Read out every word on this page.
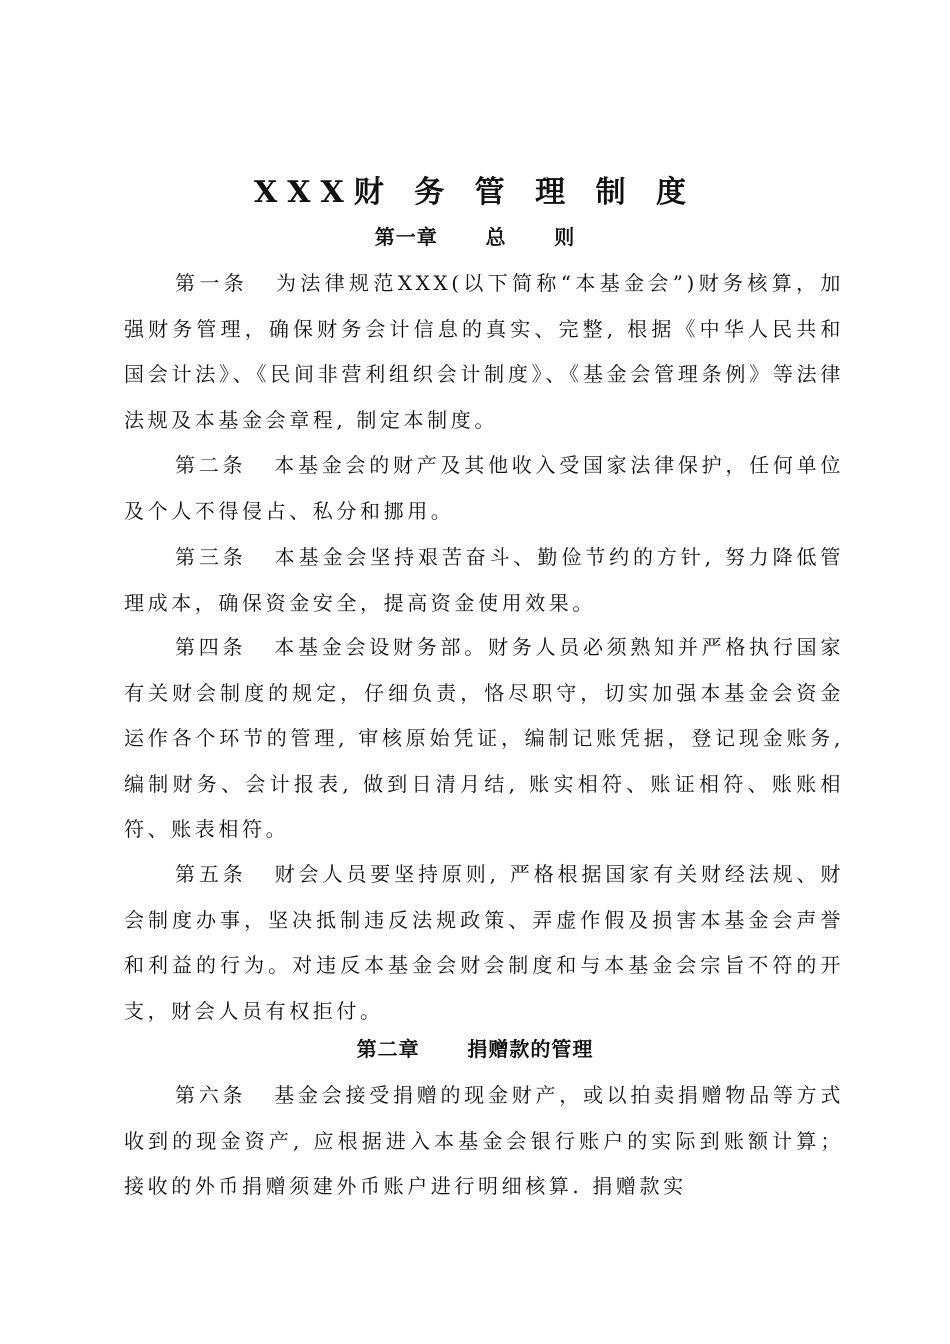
XXX财 务 管 理 制 度
第一章      总      则

第一条 为法律规范XXX(以下简称“本基金会”)财务核算，加强财务管理，确保财务会计信息的真实、完整, 根据《中华人民共和国会计法》、《民间非营利组织会计制度》、《基金会管理条例》等法律法规及本基金会章程, 制定本制度。

第二条 本基金会的财产及其他收入受国家法律保护，任何单位及个人不得侵占、私分和挪用。

第三条 本基金会坚持艰苦奋斗、勤俭节约的方针, 努力降低管理成本，确保资金安全，提高资金使用效果。

第四条 本基金会设财务部。财务人员必须熟知并严格执行国家有关财会制度的规定，仔细负责，恪尽职守，切实加强本基金会资金运作各个环节的管理, 审核原始凭证，编制记账凭据，登记现金账务, 编制财务、会计报表, 做到日清月结, 账实相符、账证相符、账账相符、账表相符。

第五条 财会人员要坚持原则, 严格根据国家有关财经法规、财会制度办事，坚决抵制违反法规政策、弄虚作假及损害本基金会声誉和利益的行为。对违反本基金会财会制度和与本基金会宗旨不符的开支，财会人员有权拒付。

第二章      捐赠款的管理

第六条 基金会接受捐赠的现金财产，或以拍卖捐赠物品等方式收到的现金资产, 应根据进入本基金会银行账户的实际到账额计算；接收的外币捐赠须建外币账户进行明细核算. 捐赠款实
